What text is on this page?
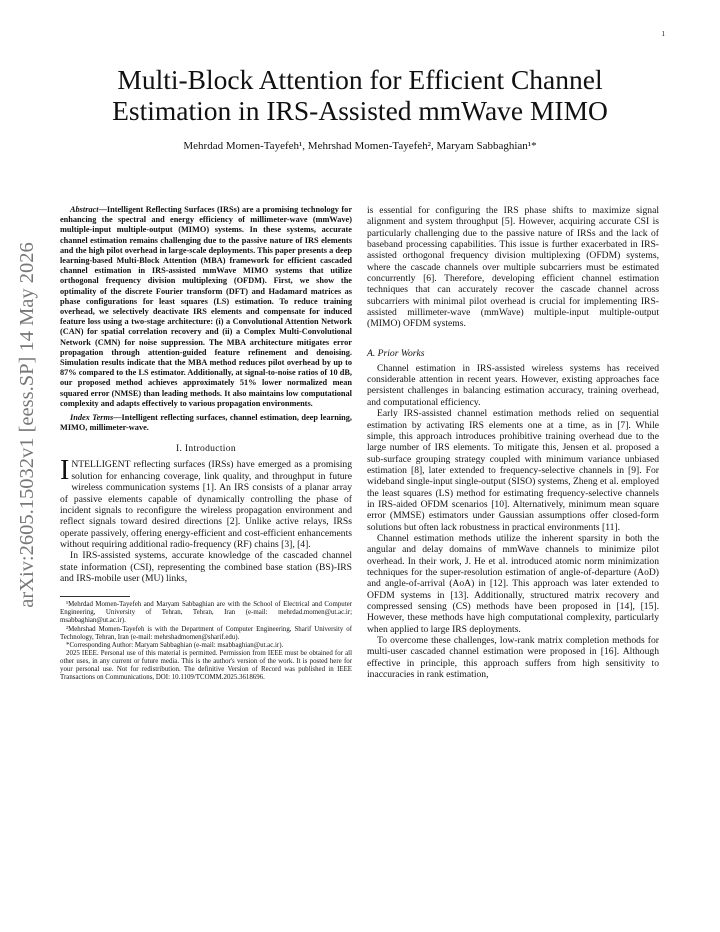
1
arXiv:2605.15032v1 [eess.SP] 14 May 2026
Multi-Block Attention for Efficient Channel
Estimation in IRS-Assisted mmWave MIMO
Mehrdad Momen-Tayefeh¹, Mehrshad Momen-Tayefeh², Maryam Sabbaghian¹*
Abstract—Intelligent Reflecting Surfaces (IRSs) are a promising technology for enhancing the spectral and energy efficiency of millimeter-wave (mmWave) multiple-input multiple-output (MIMO) systems. In these systems, accurate channel estimation remains challenging due to the passive nature of IRS elements and the high pilot overhead in large-scale deployments. This paper presents a deep learning-based Multi-Block Attention (MBA) framework for efficient cascaded channel estimation in IRS-assisted mmWave MIMO systems that utilize orthogonal frequency division multiplexing (OFDM). First, we show the optimality of the discrete Fourier transform (DFT) and Hadamard matrices as phase configurations for least squares (LS) estimation. To reduce training overhead, we selectively deactivate IRS elements and compensate for induced feature loss using a two-stage architecture: (i) a Convolutional Attention Network (CAN) for spatial correlation recovery and (ii) a Complex Multi-Convolutional Network (CMN) for noise suppression. The MBA architecture mitigates error propagation through attention-guided feature refinement and denoising. Simulation results indicate that the MBA method reduces pilot overhead by up to 87% compared to the LS estimator. Additionally, at signal-to-noise ratios of 10 dB, our proposed method achieves approximately 51% lower normalized mean squared error (NMSE) than leading methods. It also maintains low computational complexity and adapts effectively to various propagation environments.
Index Terms—Intelligent reflecting surfaces, channel estimation, deep learning, MIMO, millimeter-wave.
I. Introduction

INTELLIGENT reflecting surfaces (IRSs) have emerged as a promising solution for enhancing coverage, link quality, and throughput in future wireless communication systems [1]. An IRS consists of a planar array of passive elements capable of dynamically controlling the phase of incident signals to reconfigure the wireless propagation environment and reflect signals toward desired directions [2]. Unlike active relays, IRSs operate passively, offering energy-efficient and cost-efficient enhancements without requiring additional radio-frequency (RF) chains [3], [4].

In IRS-assisted systems, accurate knowledge of the cascaded channel state information (CSI), representing the combined base station (BS)-IRS and IRS-mobile user (MU) links,

¹Mehrdad Momen-Tayefeh and Maryam Sabbaghian are with the School of Electrical and Computer Engineering, University of Tehran, Tehran, Iran (e-mail: mehrdad.momen@ut.ac.ir; msabbaghian@ut.ac.ir).

²Mehrshad Momen-Tayefeh is with the Department of Computer Engineering, Sharif University of Technology, Tehran, Iran (e-mail: mehrshadmomen@sharif.edu).

*Corresponding Author: Maryam Sabbaghian (e-mail: msabbaghian@ut.ac.ir).

2025 IEEE. Personal use of this material is permitted. Permission from IEEE must be obtained for all other uses, in any current or future media. This is the author's version of the work. It is posted here for your personal use. Not for redistribution. The definitive Version of Record was published in IEEE Transactions on Communications, DOI: 10.1109/TCOMM.2025.3618696.

is essential for configuring the IRS phase shifts to maximize signal alignment and system throughput [5]. However, acquiring accurate CSI is particularly challenging due to the passive nature of IRSs and the lack of baseband processing capabilities. This issue is further exacerbated in IRS-assisted orthogonal frequency division multiplexing (OFDM) systems, where the cascade channels over multiple subcarriers must be estimated concurrently [6]. Therefore, developing efficient channel estimation techniques that can accurately recover the cascade channel across subcarriers with minimal pilot overhead is crucial for implementing IRS-assisted millimeter-wave (mmWave) multiple-input multiple-output (MIMO) OFDM systems.

A. Prior Works

Channel estimation in IRS-assisted wireless systems has received considerable attention in recent years. However, existing approaches face persistent challenges in balancing estimation accuracy, training overhead, and computational efficiency.

Early IRS-assisted channel estimation methods relied on sequential estimation by activating IRS elements one at a time, as in [7]. While simple, this approach introduces prohibitive training overhead due to the large number of IRS elements. To mitigate this, Jensen et al. proposed a sub-surface grouping strategy coupled with minimum variance unbiased estimation [8], later extended to frequency-selective channels in [9]. For wideband single-input single-output (SISO) systems, Zheng et al. employed the least squares (LS) method for estimating frequency-selective channels in IRS-aided OFDM scenarios [10]. Alternatively, minimum mean square error (MMSE) estimators under Gaussian assumptions offer closed-form solutions but often lack robustness in practical environments [11].

Channel estimation methods utilize the inherent sparsity in both the angular and delay domains of mmWave channels to minimize pilot overhead. In their work, J. He et al. introduced atomic norm minimization techniques for the super-resolution estimation of angle-of-departure (AoD) and angle-of-arrival (AoA) in [12]. This approach was later extended to OFDM systems in [13]. Additionally, structured matrix recovery and compressed sensing (CS) methods have been proposed in [14], [15]. However, these methods have high computational complexity, particularly when applied to large IRS deployments.

To overcome these challenges, low-rank matrix completion methods for multi-user cascaded channel estimation were proposed in [16]. Although effective in principle, this approach suffers from high sensitivity to inaccuracies in rank estimation,
